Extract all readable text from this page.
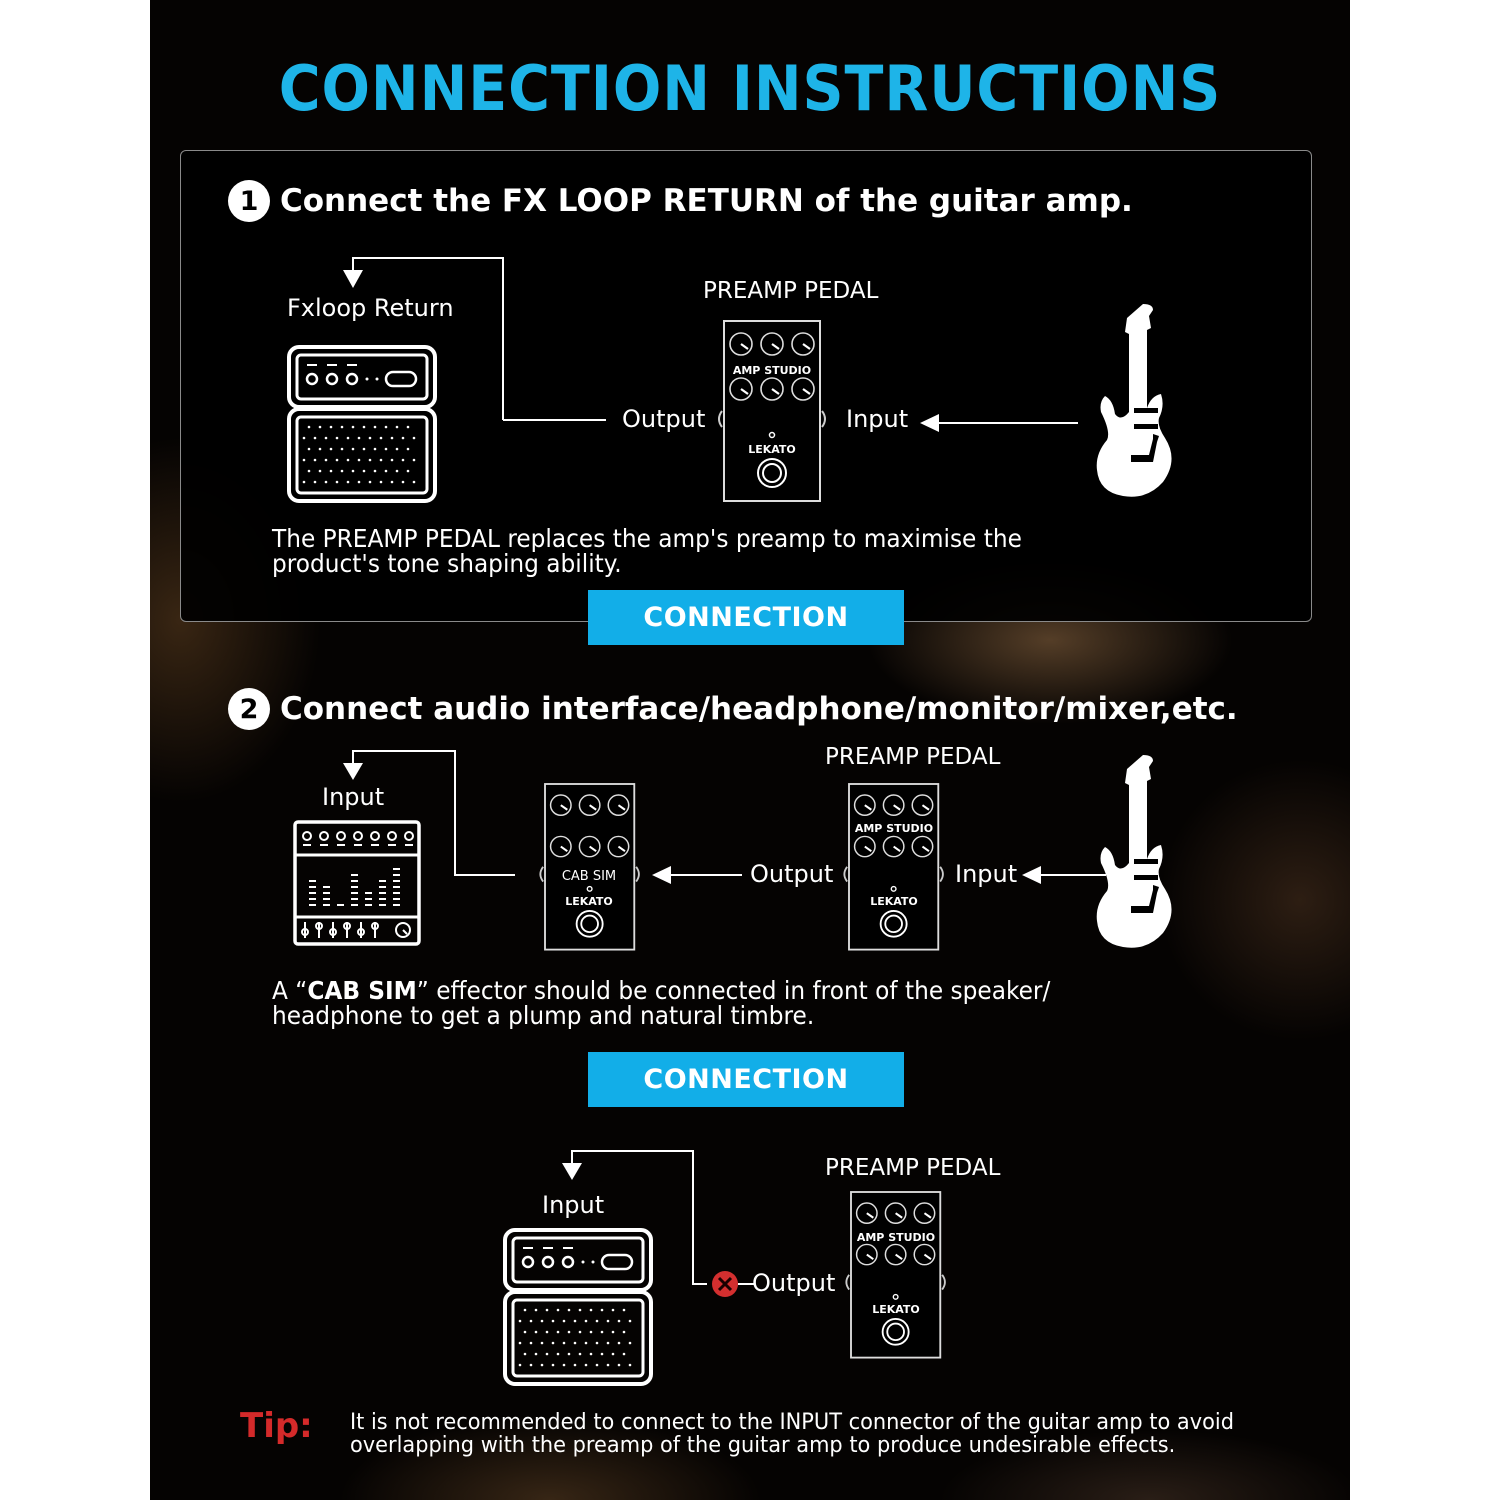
CONNECTION INSTRUCTIONS
1 Connect the FX LOOP RETURN of the guitar amp.
Fxloop Return
PREAMP PEDAL
Output	Input
AMP STUDIO
LEKATO
CAB SIM
LEKATO
AMP STUDIO
LEKATO
AMP STUDIO
LEKATO
The PREAMP PEDAL replaces the amp's preamp to maximise the
product's tone shaping ability.
CONNECTION
2 Connect audio interface/headphone/monitor/mixer,etc.
Input
PREAMP PEDAL
Output	Input
A “CAB SIM” effector should be connected in front of the speaker/
headphone to get a plump and natural timbre.
CONNECTION
Input
PREAMP PEDAL
Output
Tip: It is not recommended to connect to the INPUT connector of the guitar amp to avoid
overlapping with the preamp of the guitar amp to produce undesirable effects.
